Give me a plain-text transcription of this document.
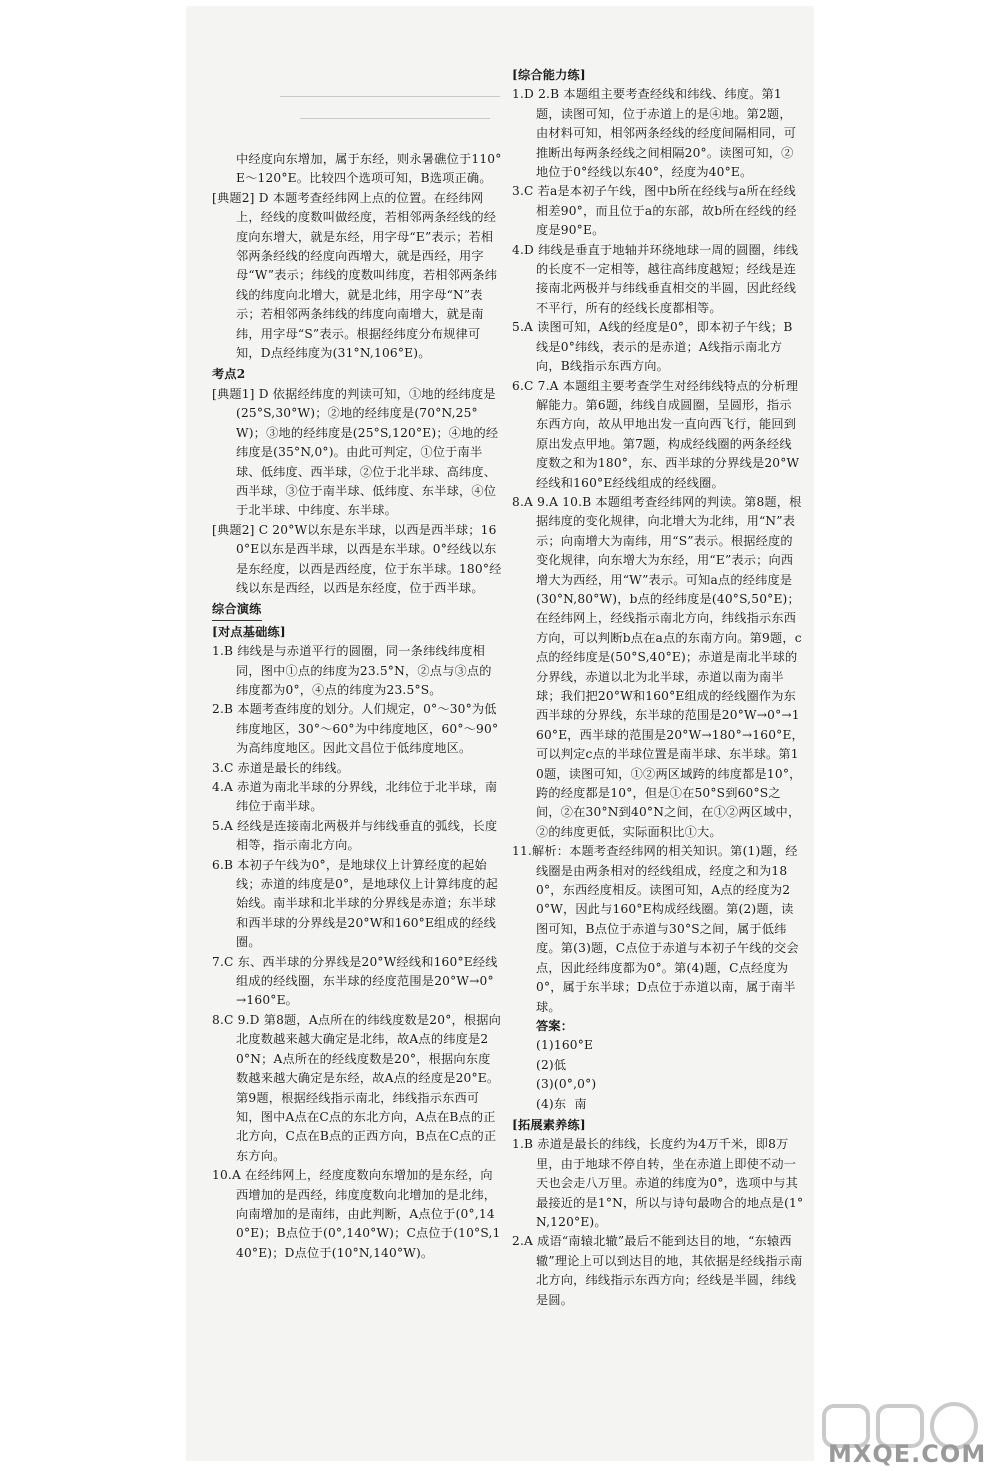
中经度向东增加，属于东经，则永暑礁位于110°E～120°E。比较四个选项可知，B选项正确。

[典题2] D 本题考查经纬网上点的位置。在经纬网上，经线的度数叫做经度，若相邻两条经线的经度向东增大，就是东经，用字母“E”表示；若相邻两条经线的经度向西增大，就是西经，用字母“W”表示；纬线的度数叫纬度，若相邻两条纬线的纬度向北增大，就是北纬，用字母“N”表示；若相邻两条纬线的纬度向南增大，就是南纬，用字母“S”表示。根据经纬度分布规律可知，D点经纬度为(31°N,106°E)。

考点2

[典题1] D 依据经纬度的判读可知，①地的经纬度是(25°S,30°W)；②地的经纬度是(70°N,25°W)；③地的经纬度是(25°S,120°E)；④地的经纬度是(35°N,0°)。由此可判定，①位于南半球、低纬度、西半球，②位于北半球、高纬度、西半球，③位于南半球、低纬度、东半球，④位于北半球、中纬度、东半球。

[典题2] C 20°W以东是东半球，以西是西半球；160°E以东是西半球，以西是东半球。0°经线以东是东经度，以西是西经度，位于东半球。180°经线以东是西经，以西是东经度，位于西半球。

综合演练

[对点基础练]

1.B 纬线是与赤道平行的圆圈，同一条纬线纬度相同，图中①点的纬度为23.5°N，②点与③点的纬度都为0°，④点的纬度为23.5°S。

2.B 本题考查纬度的划分。人们规定，0°～30°为低纬度地区，30°～60°为中纬度地区，60°～90°为高纬度地区。因此文昌位于低纬度地区。

3.C 赤道是最长的纬线。

4.A 赤道为南北半球的分界线，北纬位于北半球，南纬位于南半球。

5.A 经线是连接南北两极并与纬线垂直的弧线，长度相等，指示南北方向。

6.B 本初子午线为0°，是地球仪上计算经度的起始线；赤道的纬度是0°，是地球仪上计算纬度的起始线。南半球和北半球的分界线是赤道；东半球和西半球的分界线是20°W和160°E组成的经线圈。

7.C 东、西半球的分界线是20°W经线和160°E经线组成的经线圈，东半球的经度范围是20°W→0°→160°E。

8.C 9.D 第8题，A点所在的纬线度数是20°，根据向北度数越来越大确定是北纬，故A点的纬度是20°N；A点所在的经线度数是20°，根据向东度数越来越大确定是东经，故A点的经度是20°E。第9题，根据经线指示南北，纬线指示东西可知，图中A点在C点的东北方向，A点在B点的正北方向，C点在B点的正西方向，B点在C点的正东方向。

10.A 在经纬网上，经度度数向东增加的是东经，向西增加的是西经，纬度度数向北增加的是北纬，向南增加的是南纬，由此判断，A点位于(0°,140°E)；B点位于(0°,140°W)；C点位于(10°S,140°E)；D点位于(10°N,140°W)。

[综合能力练]

1.D 2.B 本题组主要考查经线和纬线、纬度。第1题，读图可知，位于赤道上的是④地。第2题，由材料可知，相邻两条经线的经度间隔相同，可推断出每两条经线之间相隔20°。读图可知，②地位于0°经线以东40°，经度为40°E。

3.C 若a是本初子午线，图中b所在经线与a所在经线相差90°，而且位于a的东部，故b所在经线的经度是90°E。

4.D 纬线是垂直于地轴并环绕地球一周的圆圈，纬线的长度不一定相等，越往高纬度越短；经线是连接南北两极并与纬线垂直相交的半圆，因此经线不平行，所有的经线长度都相等。

5.A 读图可知，A线的经度是0°，即本初子午线；B线是0°纬线，表示的是赤道；A线指示南北方向，B线指示东西方向。

6.C 7.A 本题组主要考查学生对经纬线特点的分析理解能力。第6题，纬线自成圆圈，呈圆形，指示东西方向，故从甲地出发一直向西飞行，能回到原出发点甲地。第7题，构成经线圈的两条经线度数之和为180°，东、西半球的分界线是20°W经线和160°E经线组成的经线圈。

8.A 9.A 10.B 本题组考查经纬网的判读。第8题，根据纬度的变化规律，向北增大为北纬，用“N”表示；向南增大为南纬，用“S”表示。根据经度的变化规律，向东增大为东经，用“E”表示；向西增大为西经，用“W”表示。可知a点的经纬度是(30°N,80°W)，b点的经纬度是(40°S,50°E)；在经纬网上，经线指示南北方向，纬线指示东西方向，可以判断b点在a点的东南方向。第9题，c点的经纬度是(50°S,40°E)；赤道是南北半球的分界线，赤道以北为北半球，赤道以南为南半球；我们把20°W和160°E组成的经线圈作为东西半球的分界线，东半球的范围是20°W→0°→160°E，西半球的范围是20°W→180°→160°E，可以判定c点的半球位置是南半球、东半球。第10题，读图可知，①②两区域跨的纬度都是10°，跨的经度都是10°，但是①在50°S到60°S之间，②在30°N到40°N之间，在①②两区域中，②的纬度更低，实际面积比①大。

11.解析：本题考查经纬网的相关知识。第(1)题，经线圈是由两条相对的经线组成，经度之和为180°，东西经度相反。读图可知，A点的经度为20°W，因此与160°E构成经线圈。第(2)题，读图可知，B点位于赤道与30°S之间，属于低纬度。第(3)题，C点位于赤道与本初子午线的交会点，因此经纬度都为0°。第(4)题，C点经度为0°，属于东半球；D点位于赤道以南，属于南半球。

答案：

(1)160°E

(2)低

(3)(0°,0°)

(4)东  南

[拓展素养练]

1.B 赤道是最长的纬线，长度约为4万千米，即8万里，由于地球不停自转，坐在赤道上即使不动一天也会走八万里。赤道的纬度为0°，选项中与其最接近的是1°N，所以与诗句最吻合的地点是(1°N,120°E)。

2.A 成语“南辕北辙”最后不能到达目的地，“东辕西辙”理论上可以到达目的地，其依据是经线指示南北方向，纬线指示东西方向；经线是半圆，纬线是圆。

MXQE.COM
